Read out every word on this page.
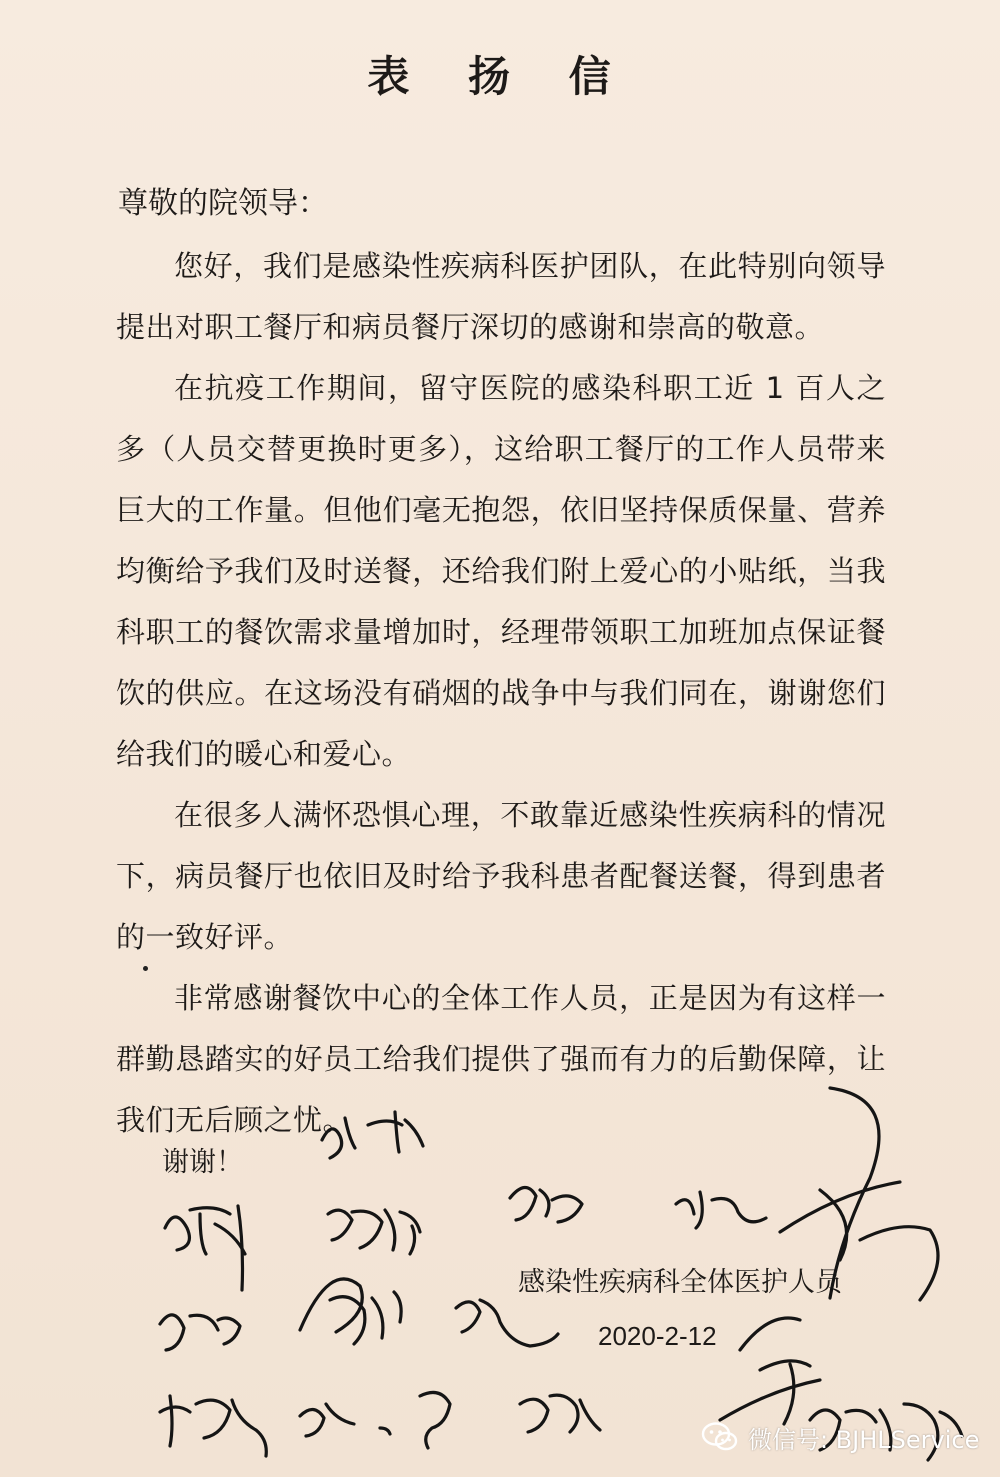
表 扬 信
尊敬的院领导：

您好，我们是感染性疾病科医护团队，在此特别向领导提出对职工餐厅和病员餐厅深切的感谢和崇高的敬意。

在抗疫工作期间，留守医院的感染科职工近 1 百人之多（人员交替更换时更多），这给职工餐厅的工作人员带来巨大的工作量。但他们毫无抱怨，依旧坚持保质保量、营养均衡给予我们及时送餐，还给我们附上爱心的小贴纸，当我科职工的餐饮需求量增加时，经理带领职工加班加点保证餐饮的供应。在这场没有硝烟的战争中与我们同在，谢谢您们给我们的暖心和爱心。

在很多人满怀恐惧心理，不敢靠近感染性疾病科的情况下，病员餐厅也依旧及时给予我科患者配餐送餐，得到患者的一致好评。

非常感谢餐饮中心的全体工作人员，正是因为有这样一群勤恳踏实的好员工给我们提供了强而有力的后勤保障，让我们无后顾之忧。

谢谢！
感染性疾病科全体医护人员
2020-2-12
微信号: BJHLService
